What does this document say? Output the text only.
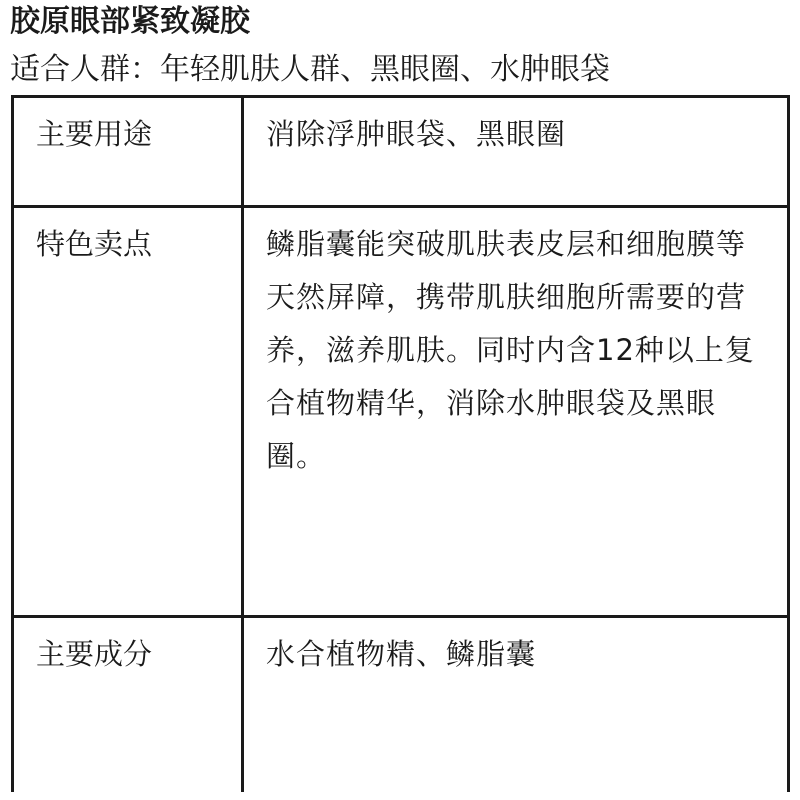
胶原眼部紧致凝胶
适合人群：年轻肌肤人群、黑眼圈、水肿眼袋
主要用途	消除浮肿眼袋、黑眼圈
特色卖点	鳞脂囊能突破肌肤表皮层和细胞膜等天然屏障，携带肌肤细胞所需要的营养，滋养肌肤。同时内含12种以上复合植物精华，消除水肿眼袋及黑眼圈。
主要成分	水合植物精、鳞脂囊
